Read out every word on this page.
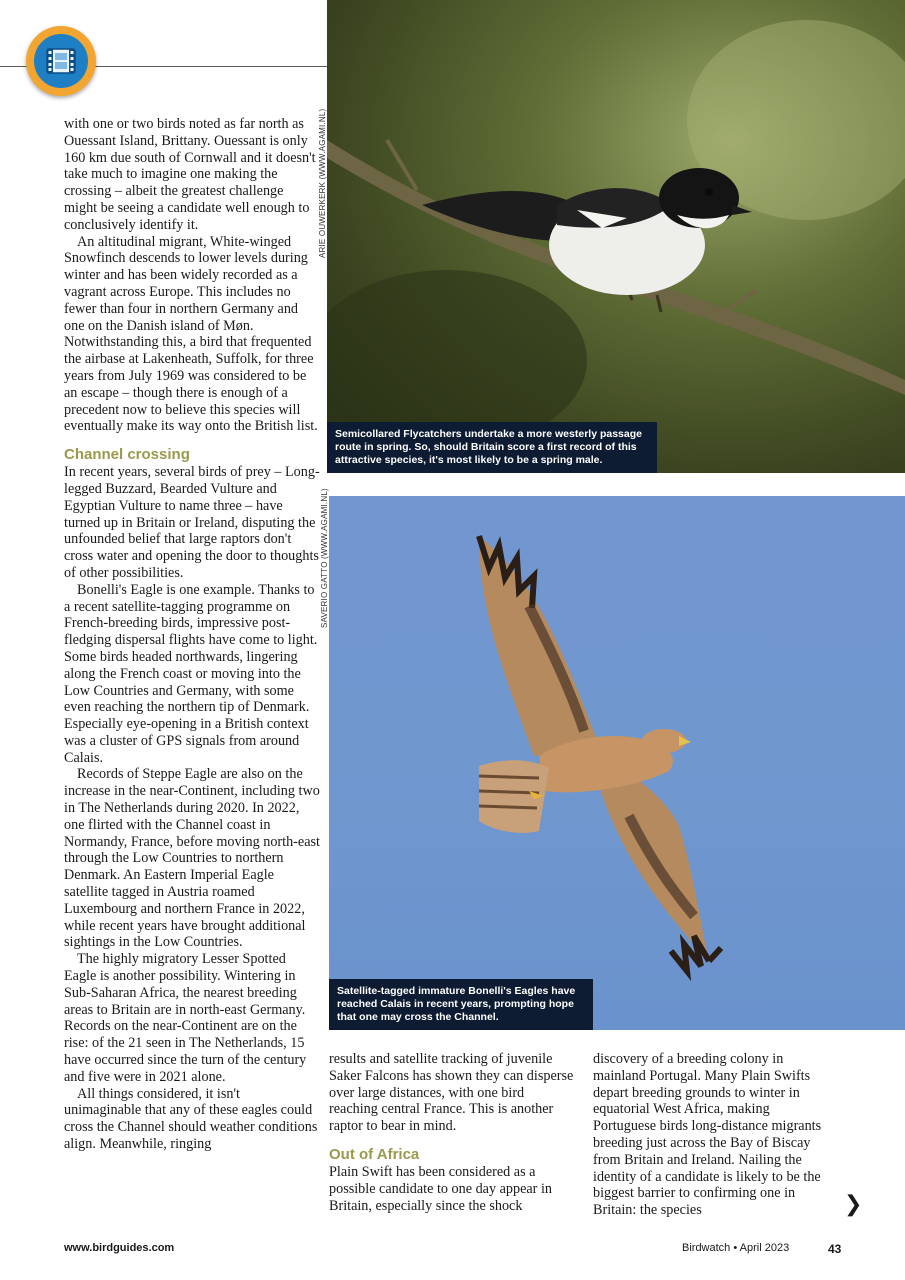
ARIE OUWERKERK (WWW.AGAMI.NL)
Semicollared Flycatchers undertake a more westerly passage route in spring. So, should Britain score a first record of this attractive species, it's most likely to be a spring male.
SAVERIO GATTO (WWW.AGAMI.NL)
Satellite-tagged immature Bonelli's Eagles have reached Calais in recent years, prompting hope that one may cross the Channel.

with one or two birds noted as far north as Ouessant Island, Brittany. Ouessant is only 160 km due south of Cornwall and it doesn't take much to imagine one making the crossing – albeit the greatest challenge might be seeing a candidate well enough to conclusively identify it.

An altitudinal migrant, White-winged Snowfinch descends to lower levels during winter and has been widely recorded as a vagrant across Europe. This includes no fewer than four in northern Germany and one on the Danish island of Møn. Notwithstanding this, a bird that frequented the airbase at Lakenheath, Suffolk, for three years from July 1969 was considered to be an escape – though there is enough of a precedent now to believe this species will eventually make its way onto the British list.

Channel crossing

In recent years, several birds of prey – Long-legged Buzzard, Bearded Vulture and Egyptian Vulture to name three – have turned up in Britain or Ireland, disputing the unfounded belief that large raptors don't cross water and opening the door to thoughts of other possibilities.

Bonelli's Eagle is one example. Thanks to a recent satellite-tagging programme on French-breeding birds, impressive post-fledging dispersal flights have come to light. Some birds headed northwards, lingering along the French coast or moving into the Low Countries and Germany, with some even reaching the northern tip of Denmark. Especially eye-opening in a British context was a cluster of GPS signals from around Calais.

Records of Steppe Eagle are also on the increase in the near-Continent, including two in The Netherlands during 2020. In 2022, one flirted with the Channel coast in Normandy, France, before moving north-east through the Low Countries to northern Denmark. An Eastern Imperial Eagle satellite tagged in Austria roamed Luxembourg and northern France in 2022, while recent years have brought additional sightings in the Low Countries.

The highly migratory Lesser Spotted Eagle is another possibility. Wintering in Sub-Saharan Africa, the nearest breeding areas to Britain are in north-east Germany. Records on the near-Continent are on the rise: of the 21 seen in The Netherlands, 15 have occurred since the turn of the century and five were in 2021 alone.

All things considered, it isn't unimaginable that any of these eagles could cross the Channel should weather conditions align. Meanwhile, ringing

results and satellite tracking of juvenile Saker Falcons has shown they can disperse over large distances, with one bird reaching central France. This is another raptor to bear in mind.

Out of Africa

Plain Swift has been considered as a possible candidate to one day appear in Britain, especially since the shock

discovery of a breeding colony in mainland Portugal. Many Plain Swifts depart breeding grounds to winter in equatorial West Africa, making Portuguese birds long-distance migrants breeding just across the Bay of Biscay from Britain and Ireland. Nailing the identity of a candidate is likely to be the biggest barrier to confirming one in Britain: the species	❯
www.birdguides.com	Birdwatch • April 2023	43
